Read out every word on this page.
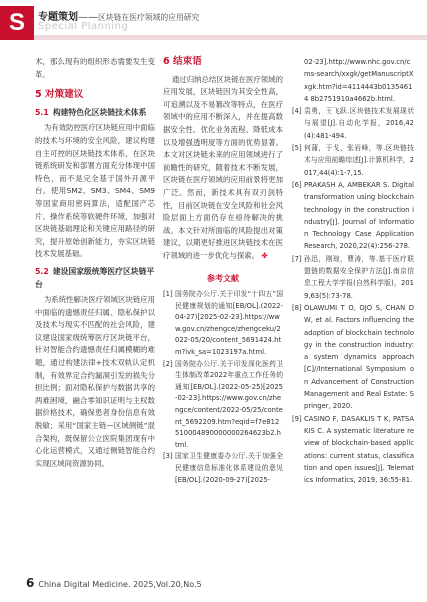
S	专题策划——区块链在医疗领域的应用研究
Special Planning

术，那么现有的组织形态需要发生变革。

5 对策建议
5.1 构建特色化区块链技术体系

为有效防控医疗区块链应用中面临的技术与环境的安全风险，建议构建自主可控的区块链技术体系，在区块链系统研发和部署方面充分体现中国特色，而不是完全基于国外开源平台。使用SM2、SM3、SM4、SM9等国家商用密码算法，适配国产芯片、操作系统等软硬件环境，加强对区块链基础理论和关键应用路径的研究，提升原始创新能力，夯实区块链技术发展基础。

5.2 建设国家级统筹医疗区块链平台

为系统性解决医疗领域区块链应用中面临的遗憾责任归属、隐私保护以及技术与现实不匹配的社会风险，建议建设国家级统筹医疗区块链平台，针对智能合约遗憾责任归属模糊的难题，通过构建法律+技术双轨认定机制，有效界定合约漏洞引发的损失分担比例；面对隐私保护与数据共享的两难困境，融合零知识证明与主权数据价格技术，确保患者身份信息有效脱敏；采用“国家主链—区域侧链”混合架构，既保留公立医院集团现有中心化运营模式，又通过侧链智能合约实现区域间资源协同。

6 结束语

通过归纳总结区块链在医疗领域的应用发展，区块链因为其安全性高，可追溯以及不易篡改等特点，在医疗领域中的应用不断深入，并在提高数据安全性、优化业务流程、降低成本以及增强透明度等方面的优势显著。本文对区块链未来的应用领域进行了前瞻性的研究，随着技术不断发展，区块链在医疗领域的应用前景将更加广泛。然而，新技术具有双刃剑特性，目前区块链在安全风险和社会风险层面上方面仍存在亟待解决的挑战。本文针对所面临的风险提出对策建议，以期更好推进区块链技术在医疗领域的进一步优化与探索。 ✤

参考文献
[1] 国务院办公厅.关于印发“十四五”国民健康规划的通知[EB/OL].(2022-04-27)[2025-02-23].https://www.gov.cn/zhengce/zhengceku/2022-05/20/content_5691424.htm?ivk_sa=1023197a.html.
[2] 国务院办公厅.关于印发深化医药卫生体制改革2022年重点工作任务的通知[EB/OL].(2022-05-25)[2025-02-23].https://www.gov.cn/zhengce/content/2022-05/25/content_5692209.htm?eqid=f7e812510004890000000264623b2.html.
[3] 国家卫生健康委办公厅.关于加强全民健康信息标准化体系建设的意见[EB/OL].(2020-09-27)[2025-
02-23].http://www.nhc.gov.cn/cms-search/xxgk/getManuscriptXxgk.htm?id=4114443b01354614 8b2751910a4662b.html.
[4] 袁勇，王飞跃.区块链技术发展现状与展望[J].自动化学报，2016,42(4):481-494.
[5] 何蒲，于戈，张岩峰，等.区块链技术与应用前瞻综述[J].计算机科学，2017,44(4):1-7,15.
[6] PRAKASH A, AMBEKAR S. Digital transformation using blockchain technology in the construction industry[J]. Journal of Information Technology Case Application Research, 2020,22(4):256-278.
[7] 孙迅，刚琼，曹涛，等.基于医疗联盟链的数据安全保护方法[J].南京信息工程大学学报(自然科学版)，2019,63(5):73-78.
[8] OLAWUMI T O, OJO S, CHAN D W, et al. Factors influencing the adoption of blockchain technology in the construction industry:a system dynamics approach[C]//International Symposium on Advancement of Construction Management and Real Estate: Springer, 2020.
[9] CASINO F, DASAKLIS T K, PATSAKIS C. A systematic literature review of blockchain-based applications: current status, classification and open issues[J]. Telematics Informatics, 2019, 36:55-81.
6 China Digital Medicine. 2025,Vol.20,No.5
